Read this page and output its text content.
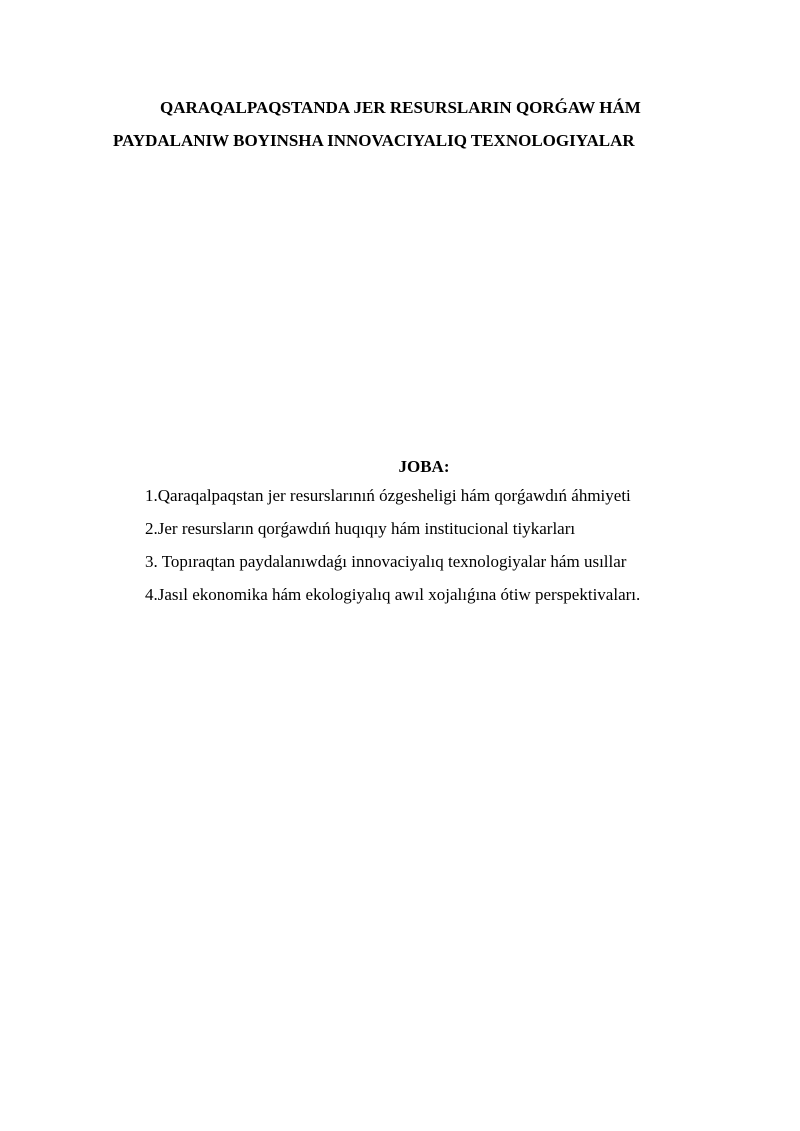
QARAQALPAQSTANDA JER RESURSLARIN QORǴAW HÁM
PAYDALANIW BOYINSHA INNOVACIYALIQ TEXNOLOGIYALAR
JOBA:
1.Qaraqalpaqstan jer resurslarınıń ózgesheligi hám qorǵawdıń áhmiyeti
2.Jer resursların qorǵawdıń huqıqıy hám institucional tiykarları
3. Topıraqtan paydalanıwdaǵı innovaciyalıq texnologiyalar hám usıllar
4.Jasıl ekonomika hám ekologiyalıq awıl xojalıǵına ótiw perspektivaları.
